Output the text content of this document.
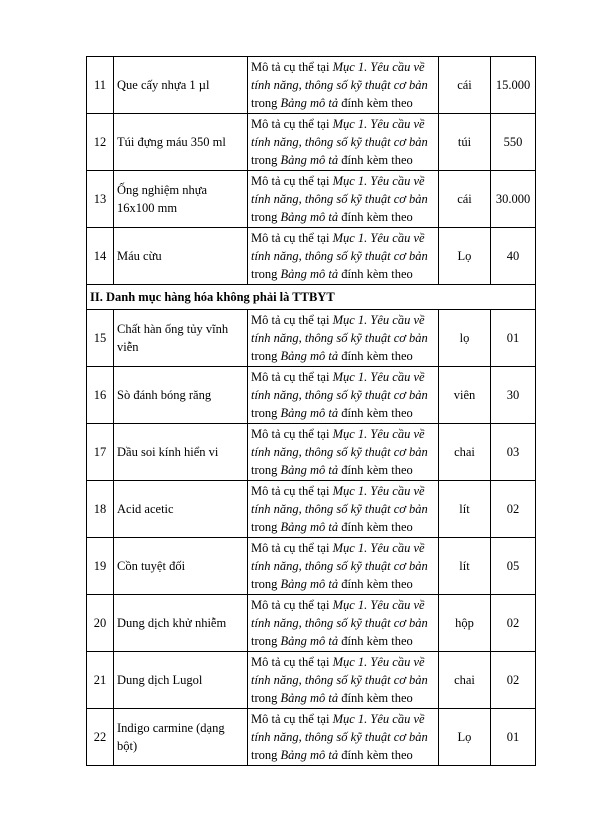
11	Que cấy nhựa 1 µl	Mô tả cụ thể tại Mục 1. Yêu cầu về tính năng, thông số kỹ thuật cơ bản trong Bảng mô tả đính kèm theo	cái	15.000
12	Túi đựng máu 350 ml	Mô tả cụ thể tại Mục 1. Yêu cầu về tính năng, thông số kỹ thuật cơ bản trong Bảng mô tả đính kèm theo	túi	550
13	Ống nghiệm nhựa 16x100 mm	Mô tả cụ thể tại Mục 1. Yêu cầu về tính năng, thông số kỹ thuật cơ bản trong Bảng mô tả đính kèm theo	cái	30.000
14	Máu cừu	Mô tả cụ thể tại Mục 1. Yêu cầu về tính năng, thông số kỹ thuật cơ bản trong Bảng mô tả đính kèm theo	Lọ	40
II. Danh mục hàng hóa không phải là TTBYT				
15	Chất hàn ống tủy vĩnh viễn	Mô tả cụ thể tại Mục 1. Yêu cầu về tính năng, thông số kỹ thuật cơ bản trong Bảng mô tả đính kèm theo	lọ	01
16	Sò đánh bóng răng	Mô tả cụ thể tại Mục 1. Yêu cầu về tính năng, thông số kỹ thuật cơ bản trong Bảng mô tả đính kèm theo	viên	30
17	Dầu soi kính hiển vi	Mô tả cụ thể tại Mục 1. Yêu cầu về tính năng, thông số kỹ thuật cơ bản trong Bảng mô tả đính kèm theo	chai	03
18	Acid acetic	Mô tả cụ thể tại Mục 1. Yêu cầu về tính năng, thông số kỹ thuật cơ bản trong Bảng mô tả đính kèm theo	lít	02
19	Cồn tuyệt đối	Mô tả cụ thể tại Mục 1. Yêu cầu về tính năng, thông số kỹ thuật cơ bản trong Bảng mô tả đính kèm theo	lít	05
20	Dung dịch khử nhiễm	Mô tả cụ thể tại Mục 1. Yêu cầu về tính năng, thông số kỹ thuật cơ bản trong Bảng mô tả đính kèm theo	hộp	02
21	Dung dịch Lugol	Mô tả cụ thể tại Mục 1. Yêu cầu về tính năng, thông số kỹ thuật cơ bản trong Bảng mô tả đính kèm theo	chai	02
22	Indigo carmine (dạng bột)	Mô tả cụ thể tại Mục 1. Yêu cầu về tính năng, thông số kỹ thuật cơ bản trong Bảng mô tả đính kèm theo	Lọ	01
